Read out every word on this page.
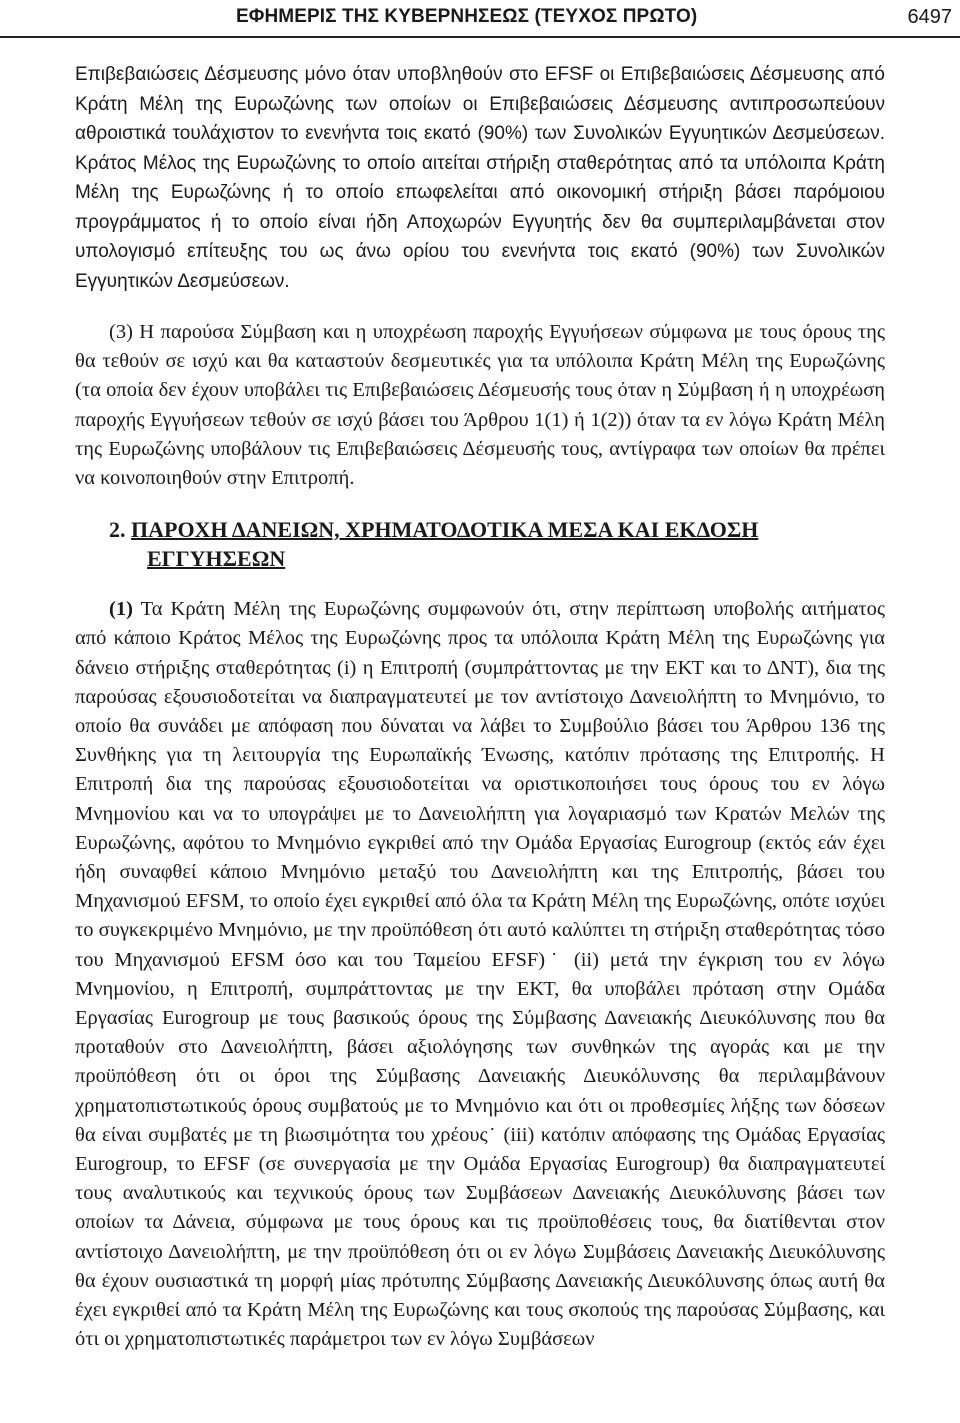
ΕΦΗΜΕΡΙΣ ΤΗΣ ΚΥΒΕΡΝΗΣΕΩΣ (ΤΕΥΧΟΣ ΠΡΩΤΟ)	6497

Επιβεβαιώσεις Δέσμευσης μόνο όταν υποβληθούν στο EFSF οι Επιβεβαιώσεις Δέσμευσης από Κράτη Μέλη της Ευρωζώνης των οποίων οι Επιβεβαιώσεις Δέσμευσης αντιπροσωπεύουν αθροιστικά τουλάχιστον το ενενήντα τοις εκατό (90%) των Συνολικών Εγγυητικών Δεσμεύσεων. Κράτος Μέλος της Ευρωζώνης το οποίο αιτείται στήριξη σταθερότητας από τα υπόλοιπα Κράτη Μέλη της Ευρωζώνης ή το οποίο επωφελείται από οικονομική στήριξη βάσει παρόμοιου προγράμματος ή το οποίο είναι ήδη Αποχωρών Εγγυητής δεν θα συμπεριλαμβάνεται στον υπολογισμό επίτευξης του ως άνω ορίου του ενενήντα τοις εκατό (90%) των Συνολικών Εγγυητικών Δεσμεύσεων.

(3) Η παρούσα Σύμβαση και η υποχρέωση παροχής Εγγυήσεων σύμφωνα με τους όρους της θα τεθούν σε ισχύ και θα καταστούν δεσμευτικές για τα υπόλοιπα Κράτη Μέλη της Ευρωζώνης (τα οποία δεν έχουν υποβάλει τις Επιβεβαιώσεις Δέσμευσής τους όταν η Σύμβαση ή η υποχρέωση παροχής Εγγυήσεων τεθούν σε ισχύ βάσει του Άρθρου 1(1) ή 1(2)) όταν τα εν λόγω Κράτη Μέλη της Ευρωζώνης υποβάλουν τις Επιβεβαιώσεις Δέσμευσής τους, αντίγραφα των οποίων θα πρέπει να κοινοποιηθούν στην Επιτροπή.

2. ΠΑΡΟΧΗ ΔΑΝΕΙΩΝ, ΧΡΗΜΑΤΟΔΟΤΙΚΑ ΜΕΣΑ ΚΑΙ ΕΚΔΟΣΗ
ΕΓΓΥΗΣΕΩΝ

(1) Τα Κράτη Μέλη της Ευρωζώνης συμφωνούν ότι, στην περίπτωση υποβολής αιτήματος από κάποιο Κράτος Μέλος της Ευρωζώνης προς τα υπόλοιπα Κράτη Μέλη της Ευρωζώνης για δάνειο στήριξης σταθερότητας (i) η Επιτροπή (συμπράττοντας με την ΕΚΤ και το ΔΝΤ), δια της παρούσας εξουσιοδοτείται να διαπραγματευτεί με τον αντίστοιχο Δανειολήπτη το Μνημόνιο, το οποίο θα συνάδει με απόφαση που δύναται να λάβει το Συμβούλιο βάσει του Άρθρου 136 της Συνθήκης για τη λειτουργία της Ευρωπαϊκής Ένωσης, κατόπιν πρότασης της Επιτροπής. Η Επιτροπή δια της παρούσας εξουσιοδοτείται να οριστικοποιήσει τους όρους του εν λόγω Μνημονίου και να το υπογράψει με το Δανειολήπτη για λογαριασμό των Κρατών Μελών της Ευρωζώνης, αφότου το Μνημόνιο εγκριθεί από την Ομάδα Εργασίας Eurogroup (εκτός εάν έχει ήδη συναφθεί κάποιο Μνημόνιο μεταξύ του Δανειολήπτη και της Επιτροπής, βάσει του Μηχανισμού EFSM, το οποίο έχει εγκριθεί από όλα τα Κράτη Μέλη της Ευρωζώνης, οπότε ισχύει το συγκεκριμένο Μνημόνιο, με την προϋπόθεση ότι αυτό καλύπτει τη στήριξη σταθερότητας τόσο του Μηχανισμού EFSM όσο και του Ταμείου EFSF)˙ (ii) μετά την έγκριση του εν λόγω Μνημονίου, η Επιτροπή, συμπράττοντας με την ΕΚΤ, θα υποβάλει πρόταση στην Ομάδα Εργασίας Eurogroup με τους βασικούς όρους της Σύμβασης Δανειακής Διευκόλυνσης που θα προταθούν στο Δανειολήπτη, βάσει αξιολόγησης των συνθηκών της αγοράς και με την προϋπόθεση ότι οι όροι της Σύμβασης Δανειακής Διευκόλυνσης θα περιλαμβάνουν χρηματοπιστωτικούς όρους συμβατούς με το Μνημόνιο και ότι οι προθεσμίες λήξης των δόσεων θα είναι συμβατές με τη βιωσιμότητα του χρέους˙ (iii) κατόπιν απόφασης της Ομάδας Εργασίας Eurogroup, το EFSF (σε συνεργασία με την Ομάδα Εργασίας Eurogroup) θα διαπραγματευτεί τους αναλυτικούς και τεχνικούς όρους των Συμβάσεων Δανειακής Διευκόλυνσης βάσει των οποίων τα Δάνεια, σύμφωνα με τους όρους και τις προϋποθέσεις τους, θα διατίθενται στον αντίστοιχο Δανειολήπτη, με την προϋπόθεση ότι οι εν λόγω Συμβάσεις Δανειακής Διευκόλυνσης θα έχουν ουσιαστικά τη μορφή μίας πρότυπης Σύμβασης Δανειακής Διευκόλυνσης όπως αυτή θα έχει εγκριθεί από τα Κράτη Μέλη της Ευρωζώνης και τους σκοπούς της παρούσας Σύμβασης, και ότι οι χρηματοπιστωτικές παράμετροι των εν λόγω Συμβάσεων
